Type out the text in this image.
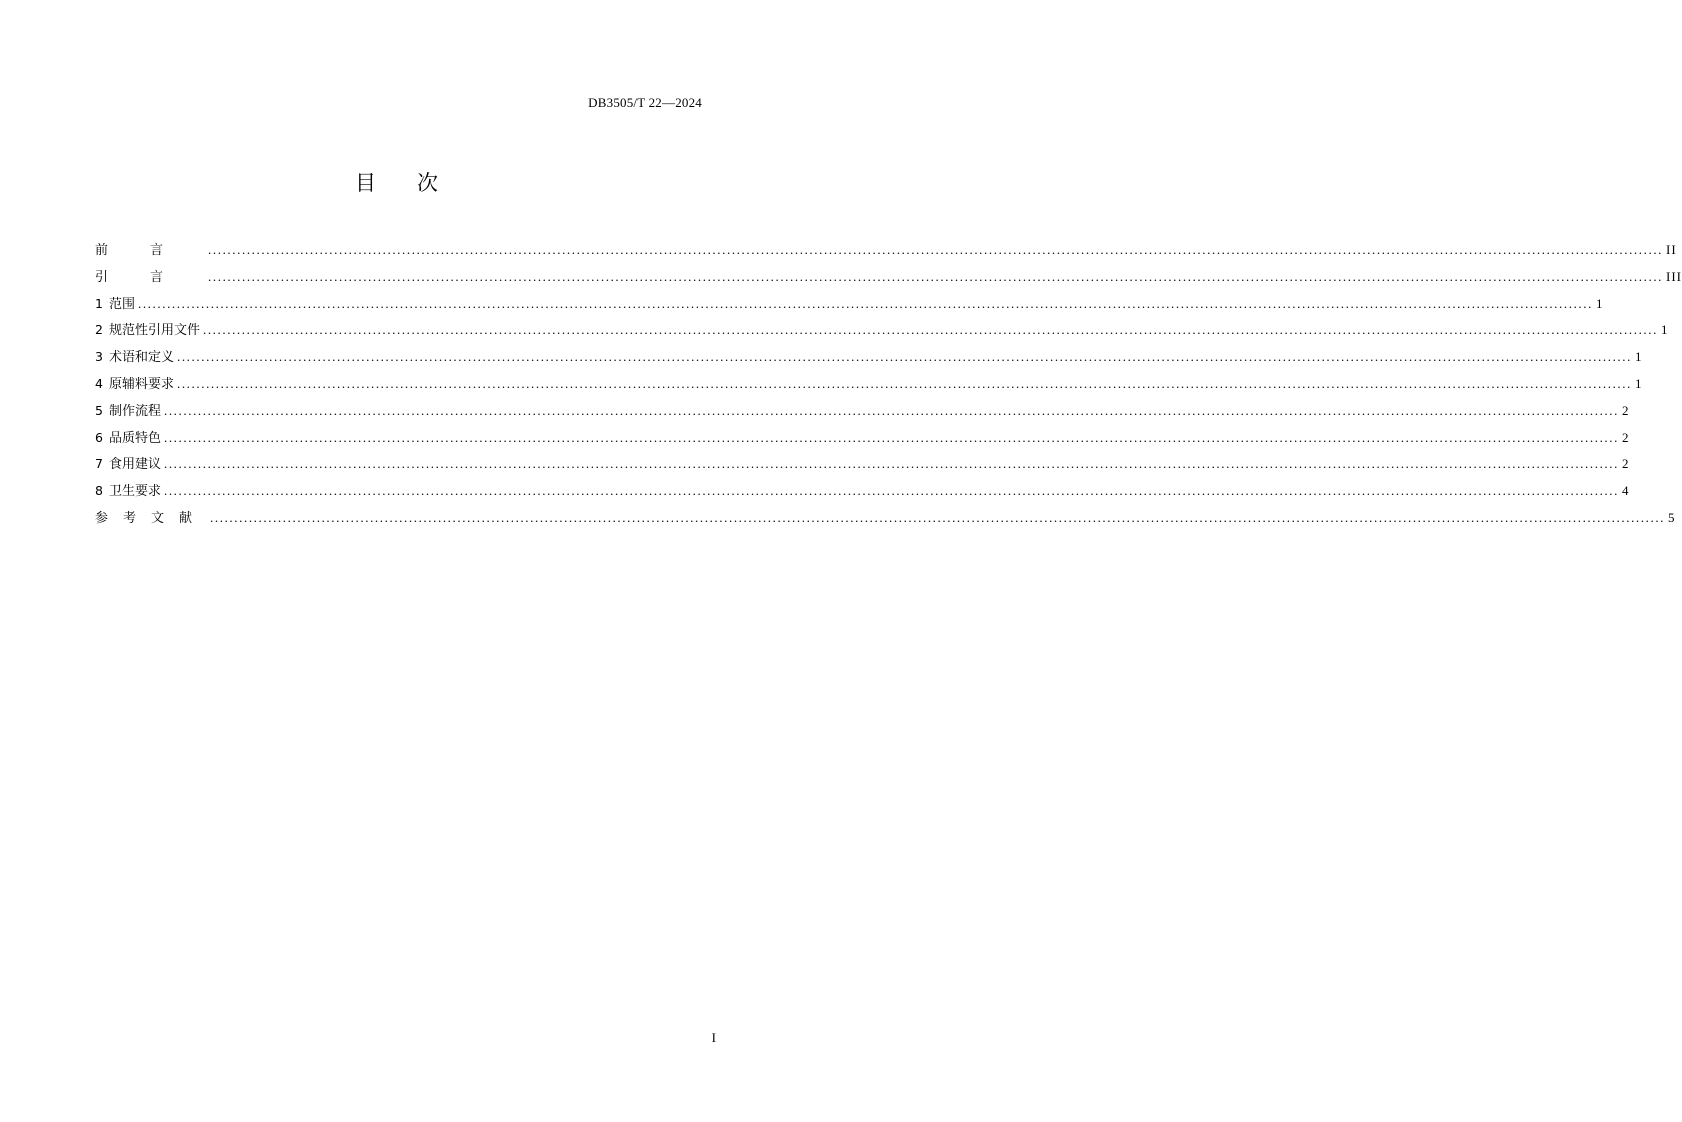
DB3505/T 22—2024
目 次
前言 ............................................................................................................................................................................................................................................................................................................ II
引言 ............................................................................................................................................................................................................................................................................................................ III
1 范围 ............................................................................................................................................................................................................................................................................................................ 1
2 规范性引用文件 ............................................................................................................................................................................................................................................................................................................ 1
3 术语和定义 ............................................................................................................................................................................................................................................................................................................ 1
4 原辅料要求 ............................................................................................................................................................................................................................................................................................................ 1
5 制作流程 ............................................................................................................................................................................................................................................................................................................ 2
6 品质特色 ............................................................................................................................................................................................................................................................................................................ 2
7 食用建议 ............................................................................................................................................................................................................................................................................................................ 2
8 卫生要求 ............................................................................................................................................................................................................................................................................................................ 4
参考文献 ............................................................................................................................................................................................................................................................................................................ 5
I
